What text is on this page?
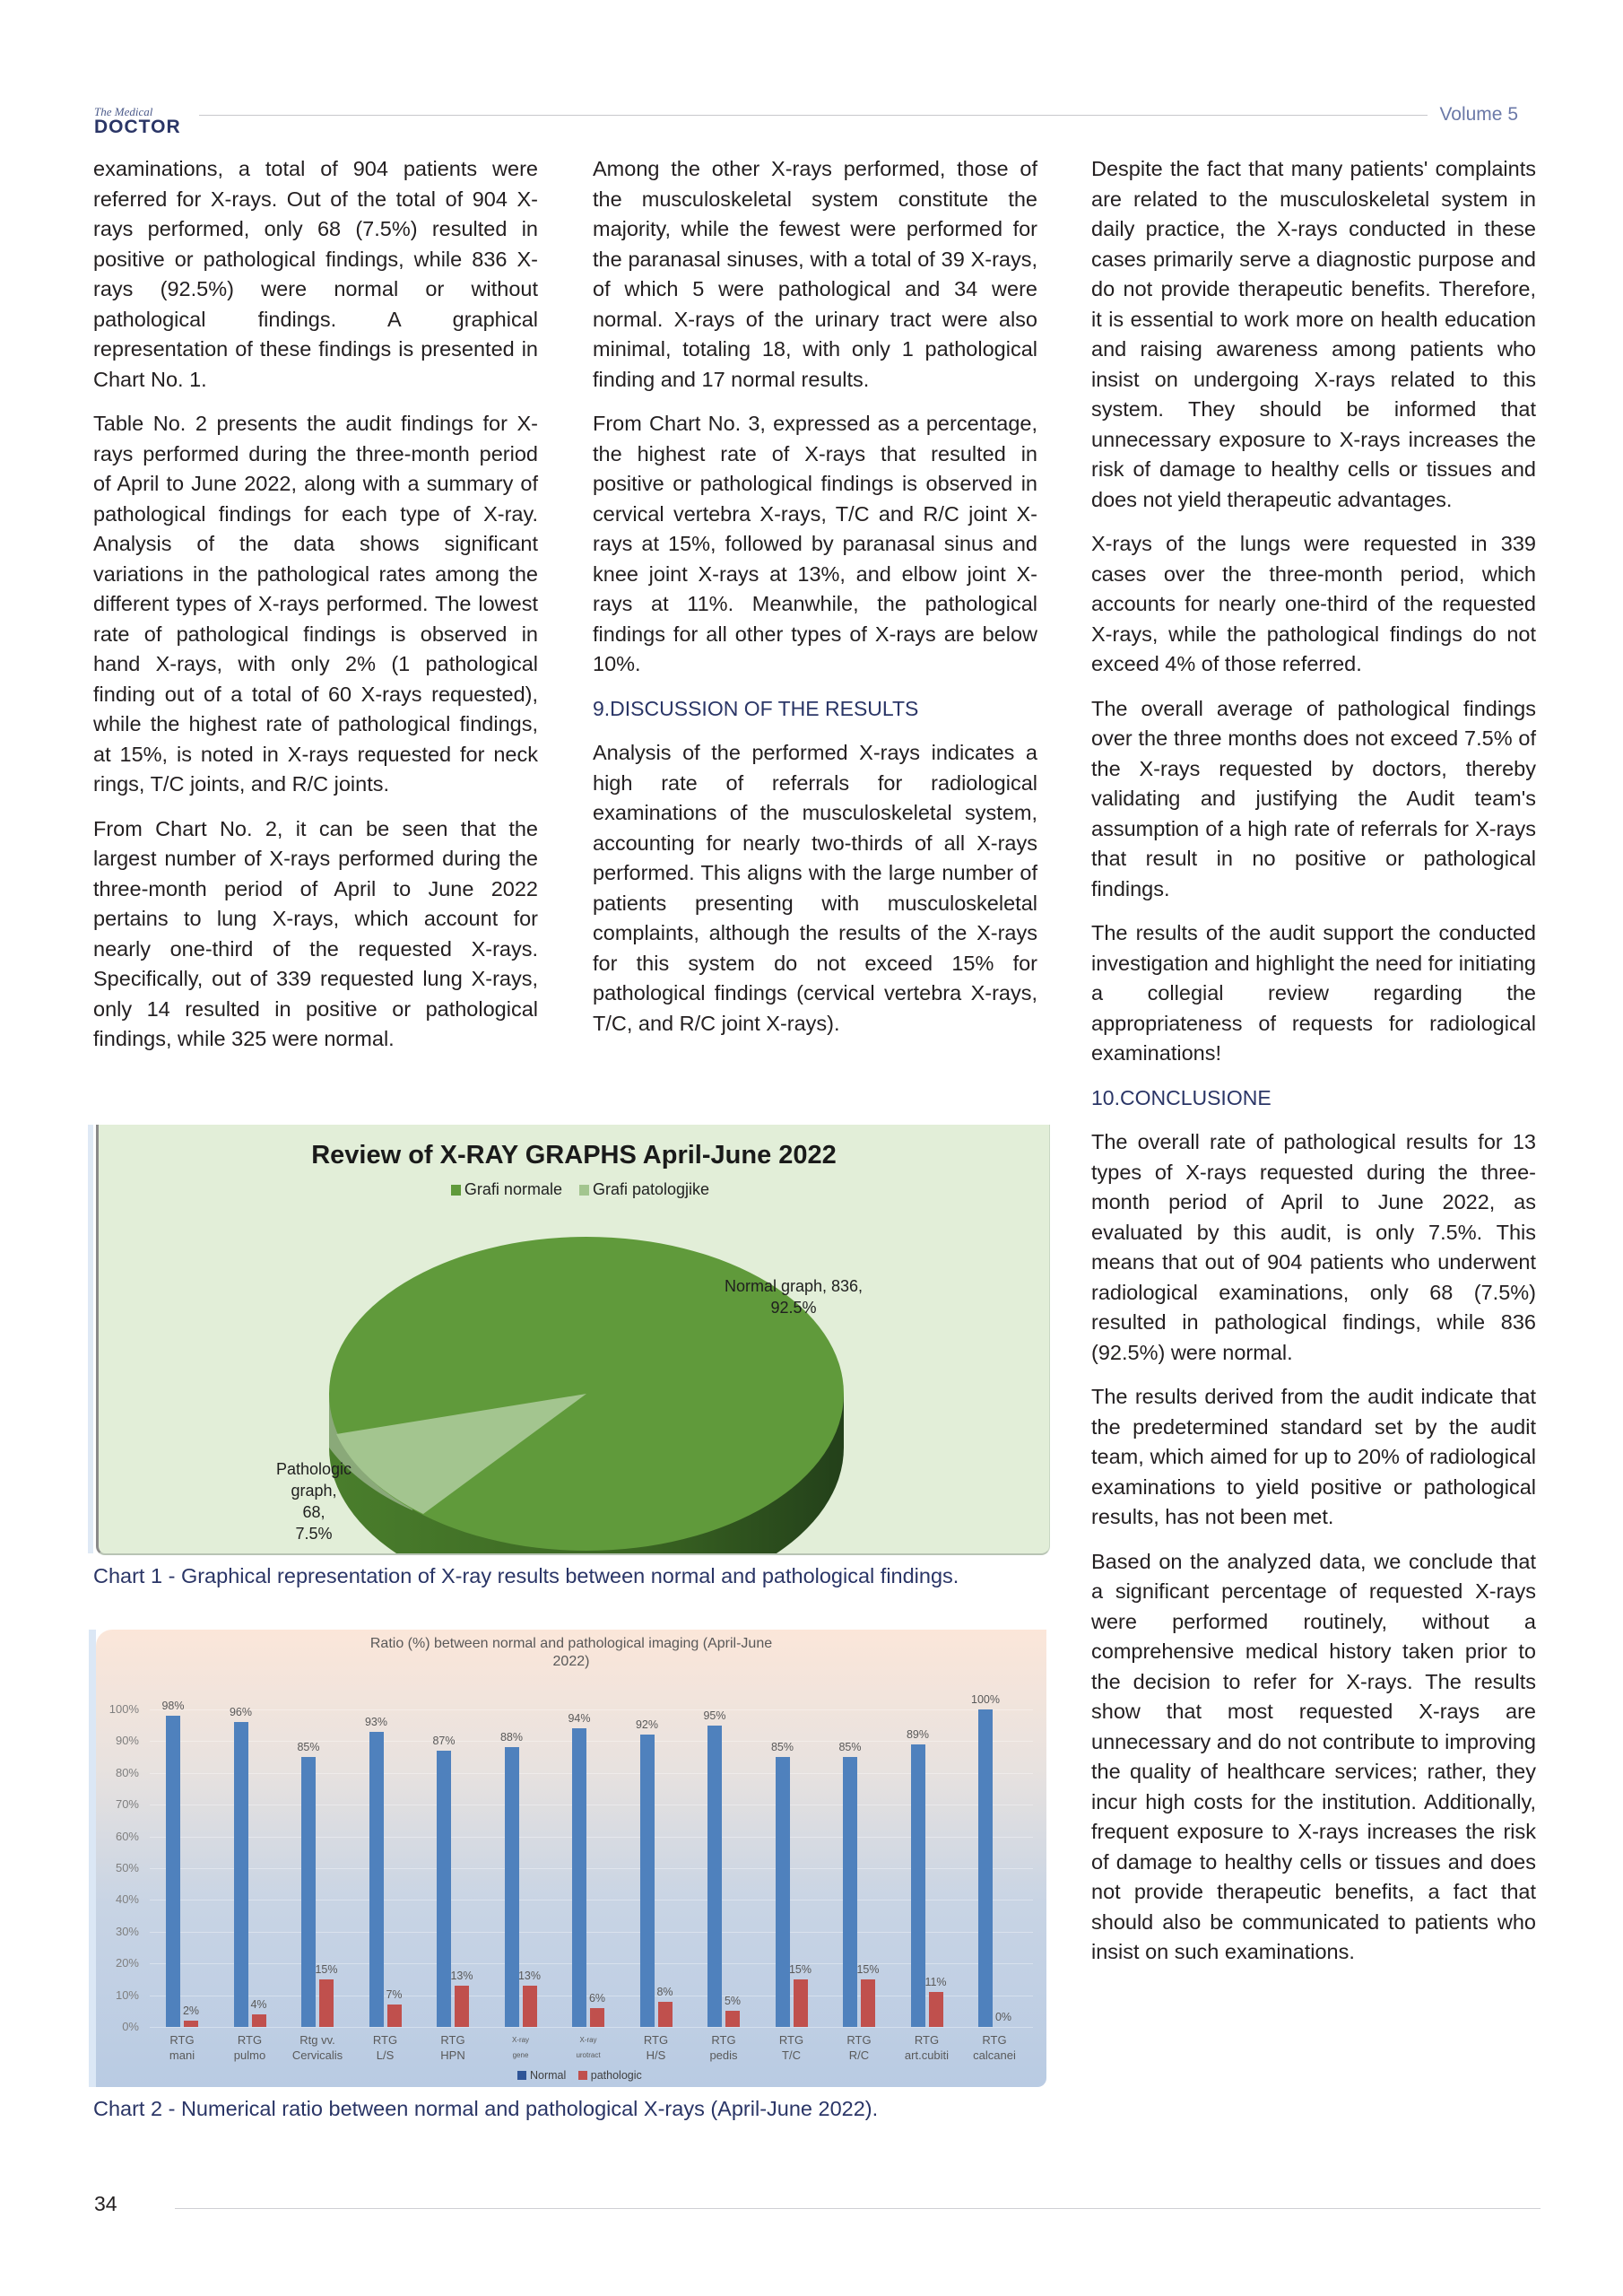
The Medical
DOCTOR
Volume 5

examinations, a total of 904 patients were referred for X-rays. Out of the total of 904 X-rays performed, only 68 (7.5%) resulted in positive or pathological findings, while 836 X-rays (92.5%) were normal or without pathological findings. A graphical representation of these findings is presented in Chart No. 1.

Table No. 2 presents the audit findings for X-rays performed during the three-month period of April to June 2022, along with a summary of pathological findings for each type of X-ray. Analysis of the data shows significant variations in the pathological rates among the different types of X-rays performed. The lowest rate of pathological findings is observed in hand X-rays, with only 2% (1 pathological finding out of a total of 60 X-rays requested), while the highest rate of pathological findings, at 15%, is noted in X-rays requested for neck rings, T/C joints, and R/C joints.

From Chart No. 2, it can be seen that the largest number of X-rays performed during the three-month period of April to June 2022 pertains to lung X-rays, which account for nearly one-third of the requested X-rays. Specifically, out of 339 requested lung X-rays, only 14 resulted in positive or pathological findings, while 325 were normal.

Among the other X-rays performed, those of the musculoskeletal system constitute the majority, while the fewest were performed for the paranasal sinuses, with a total of 39 X-rays, of which 5 were pathological and 34 were normal. X-rays of the urinary tract were also minimal, totaling 18, with only 1 pathological finding and 17 normal results.

From Chart No. 3, expressed as a percentage, the highest rate of X-rays that resulted in positive or pathological findings is observed in cervical vertebra X-rays, T/C and R/C joint X-rays at 15%, followed by paranasal sinus and knee joint X-rays at 13%, and elbow joint X-rays at 11%. Meanwhile, the pathological findings for all other types of X-rays are below 10%.

9.DISCUSSION OF THE RESULTS

Analysis of the performed X-rays indicates a high rate of referrals for radiological examinations of the musculoskeletal system, accounting for nearly two-thirds of all X-rays performed. This aligns with the large number of patients presenting with musculoskeletal complaints, although the results of the X-rays for this system do not exceed 15% for pathological findings (cervical vertebra X-rays, T/C, and R/C joint X-rays).

Despite the fact that many patients' complaints are related to the musculoskeletal system in daily practice, the X-rays conducted in these cases primarily serve a diagnostic purpose and do not provide therapeutic benefits. Therefore, it is essential to work more on health education and raising awareness among patients who insist on undergoing X-rays related to this system. They should be informed that unnecessary exposure to X-rays increases the risk of damage to healthy cells or tissues and does not yield therapeutic advantages.

X-rays of the lungs were requested in 339 cases over the three-month period, which accounts for nearly one-third of the requested X-rays, while the pathological findings do not exceed 4% of those referred.

The overall average of pathological findings over the three months does not exceed 7.5% of the X-rays requested by doctors, thereby validating and justifying the Audit team's assumption of a high rate of referrals for X-rays that result in no positive or pathological findings.

The results of the audit support the conducted investigation and highlight the need for initiating a collegial review regarding the appropriateness of requests for radiological examinations!

10.CONCLUSIONE

The overall rate of pathological results for 13 types of X-rays requested during the three-month period of April to June 2022, as evaluated by this audit, is only 7.5%. This means that out of 904 patients who underwent radiological examinations, only 68 (7.5%) resulted in pathological findings, while 836 (92.5%) were normal.

The results derived from the audit indicate that the predetermined standard set by the audit team, which aimed for up to 20% of radiological examinations to yield positive or pathological results, has not been met.

Based on the analyzed data, we conclude that a significant percentage of requested X-rays were performed routinely, without a comprehensive medical history taken prior to the decision to refer for X-rays. The results show that most requested X-rays are unnecessary and do not contribute to improving the quality of healthcare services; rather, they incur high costs for the institution. Additionally, frequent exposure to X-rays increases the risk of damage to healthy cells or tissues and does not provide therapeutic benefits, a fact that should also be communicated to patients who insist on such examinations.

Review of X-RAY GRAPHS April-June 2022
Grafi normale Grafi patologjike
Normal graph, 836,
92.5%
Pathologic
graph,
68,
7.5%
Chart 1 - Graphical representation of X-ray results between normal and pathological findings.
Ratio (%) between normal and pathological imaging (April-June
2022)
Normal pathologic
100%
90%
80%
70%
60%
50%
40%
30%
20%
10%
0%
98%
2%
RTG
mani
96%
4%
RTG
pulmo
85%
15%
Rtg vv.
Cervicalis
93%
7%
RTG
L/S
87%
13%
RTG
HPN
88%
13%
X-ray
gene
94%
6%
X-ray
urotract
92%
8%
RTG
H/S
95%
5%
RTG
pedis
85%
15%
RTG
T/C
85%
15%
RTG
R/C
89%
11%
RTG
art.cubiti
100%
0%
RTG
calcanei
Chart 2 - Numerical ratio between normal and pathological X-rays (April-June 2022).
34
